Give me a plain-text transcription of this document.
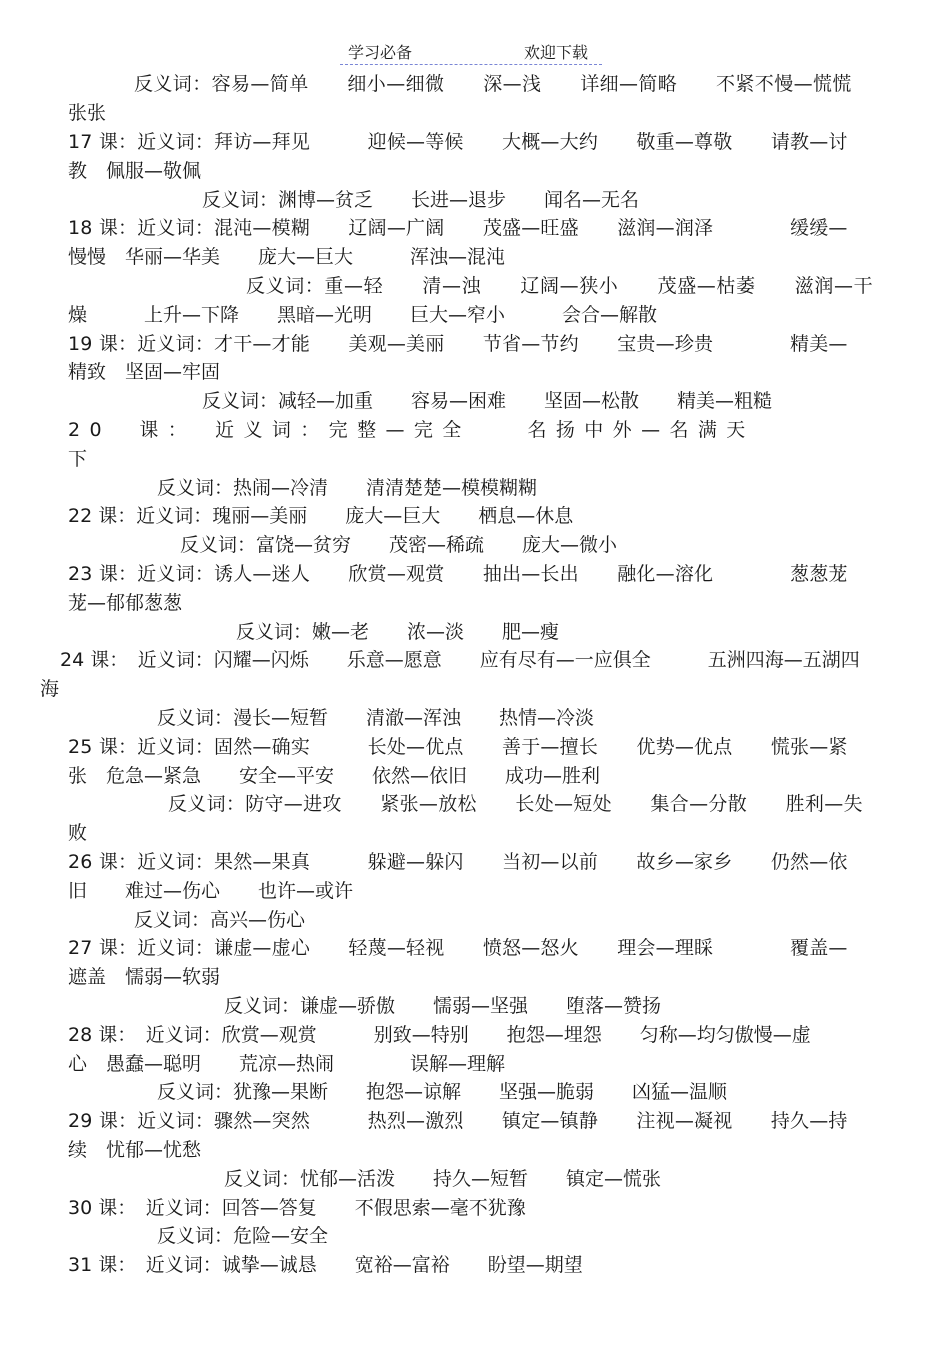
学习必备	欢迎下载
反义词：容易—简单　　细小—细微　　深—浅　　详细—简略　　不紧不慢—慌慌
张张
17 课：近义词：拜访—拜见　　　迎候—等候　　大概—大约　　敬重—尊敬　　请教—讨
教　佩服—敬佩
反义词：渊博—贫乏　　长进—退步　　闻名—无名
18 课：近义词：混沌—模糊　　辽阔—广阔　　茂盛—旺盛　　滋润—润泽　　　　缓缓—
慢慢　华丽—华美　　庞大—巨大　　　浑浊—混沌
反义词：重—轻　　清—浊　　辽阔—狭小　　茂盛—枯萎　　滋润—干
燥　　　上升—下降　　黑暗—光明　　巨大—窄小　　　会合—解散
19 课：近义词：才干—才能　　美观—美丽　　节省—节约　　宝贵—珍贵　　　　精美—
精致　坚固—牢固
反义词：减轻—加重　　容易—困难　　坚固—松散　　精美—粗糙
20　课：　近义词：完整—完全　　名扬中外—名满天
下
反义词：热闹—冷清　　清清楚楚—模模糊糊
22 课：近义词：瑰丽—美丽　　庞大—巨大　　栖息—休息
反义词：富饶—贫穷　　茂密—稀疏　　庞大—微小
23 课：近义词：诱人—迷人　　欣赏—观赏　　抽出—长出　　融化—溶化　　　　葱葱茏
茏—郁郁葱葱
反义词：嫩—老　　浓—淡　　肥—瘦
24 课：　近义词：闪耀—闪烁　　乐意—愿意　　应有尽有—一应俱全　　　五洲四海—五湖四
海
反义词：漫长—短暂　　清澈—浑浊　　热情—冷淡
25 课：近义词：固然—确实　　　长处—优点　　善于—擅长　　优势—优点　　慌张—紧
张　危急—紧急　　安全—平安　　依然—依旧　　成功—胜利
反义词：防守—进攻　　紧张—放松　　长处—短处　　集合—分散　　胜利—失
败
26 课：近义词：果然—果真　　　躲避—躲闪　　当初—以前　　故乡—家乡　　仍然—依
旧　　难过—伤心　　也许—或许
反义词：高兴—伤心
27 课：近义词：谦虚—虚心　　轻蔑—轻视　　愤怒—怒火　　理会—理睬　　　　覆盖—
遮盖　懦弱—软弱
反义词：谦虚—骄傲　　懦弱—坚强　　堕落—赞扬
28 课：　近义词：欣赏—观赏　　　别致—特别　　抱怨—埋怨　　匀称—均匀傲慢—虚
心　愚蠢—聪明　　荒凉—热闹　　　　误解—理解
反义词：犹豫—果断　　抱怨—谅解　　坚强—脆弱　　凶猛—温顺
29 课：近义词：骤然—突然　　　热烈—激烈　　镇定—镇静　　注视—凝视　　持久—持
续　忧郁—忧愁
反义词：忧郁—活泼　　持久—短暂　　镇定—慌张
30 课：　近义词：回答—答复　　不假思索—毫不犹豫
反义词：危险—安全
31 课：　近义词：诚挚—诚恳　　宽裕—富裕　　盼望—期望
